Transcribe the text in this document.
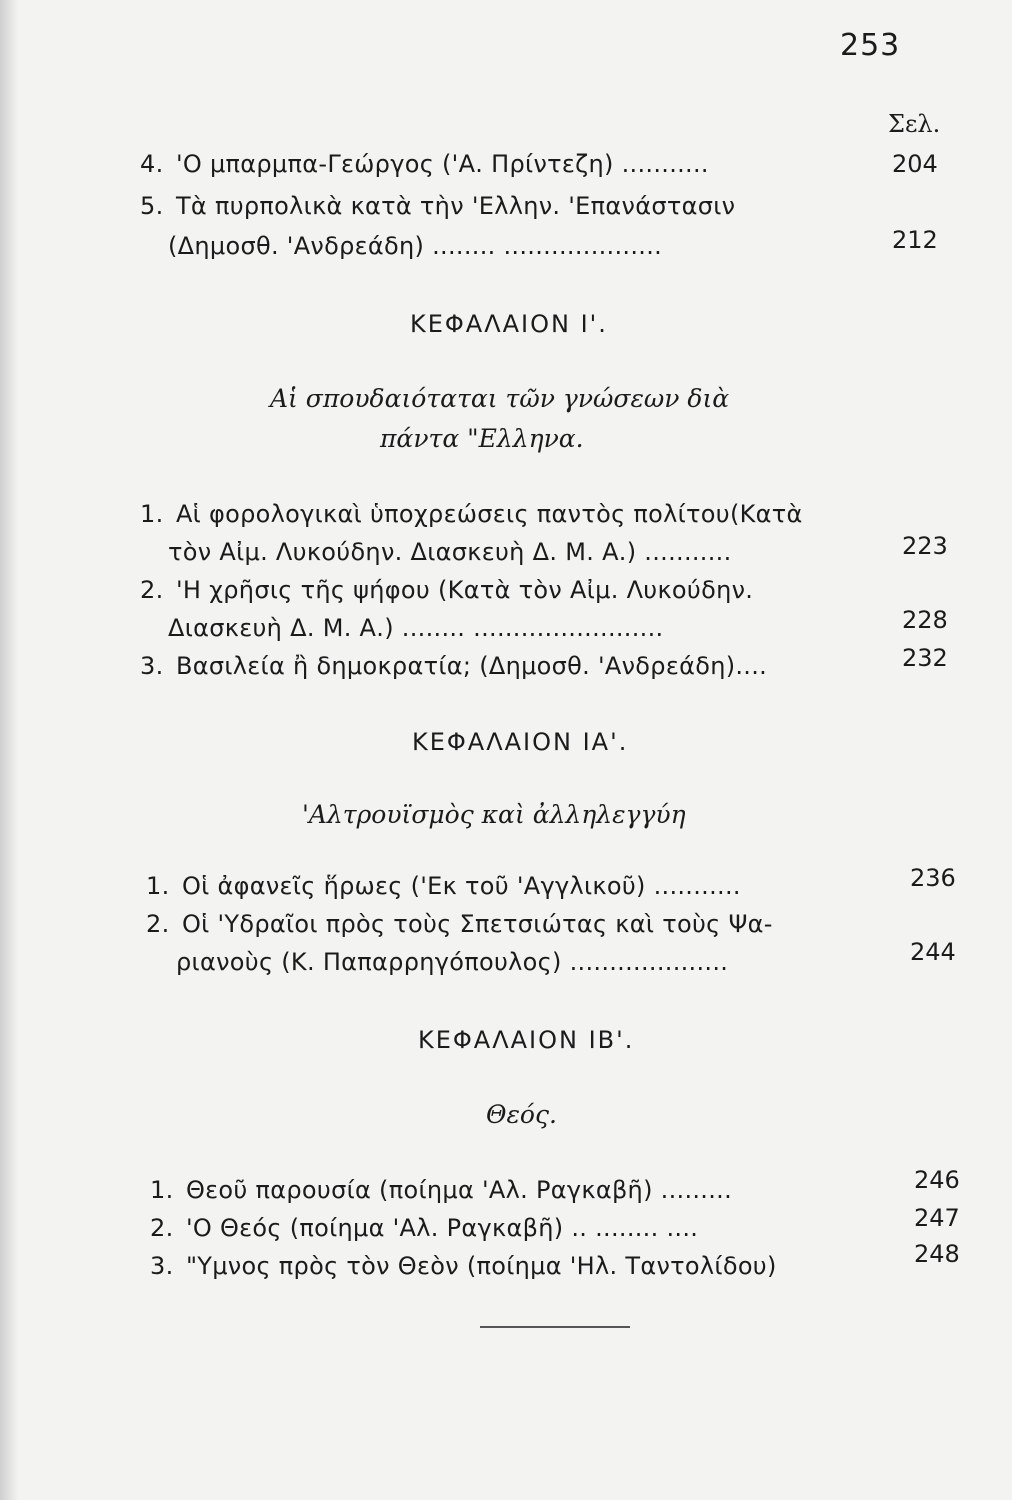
253
Σελ.
4. 'Ο μπαρμπα-Γεώργος ('Α. Πρίντεζη) ...........	204
5. Τὰ πυρπολικὰ κατὰ τὴν 'Ελλην. 'Επανάστασιν
(Δημοσθ. 'Ανδρεάδη) ........ ....................	212
ΚΕΦΑΛΑΙΟΝ Ι'.
Αἱ σπουδαιόταται τῶν γνώσεων διὰ
πάντα "Ελληνα.
1. Αἱ φορολογικαὶ ὑποχρεώσεις παντὸς πολίτου(Κατὰ
τὸν Αἰμ. Λυκούδην. Διασκευὴ Δ. Μ. Α.) ...........	223
2. 'Η χρῆσις τῆς ψήφου (Κατὰ τὸν Αἰμ. Λυκούδην.
Διασκευὴ Δ. Μ. Α.) ........ ........................	228
3. Βασιλεία ἢ δημοκρατία; (Δημοσθ. 'Ανδρεάδη)....	232
ΚΕΦΑΛΑΙΟΝ ΙΑ'.
'Αλτρουϊσμὸς καὶ ἀλληλεγγύη
1. Οἱ ἀφανεῖς ἥρωες ('Εκ τοῦ 'Αγγλικοῦ) ...........	236
2. Οἱ 'Υδραῖοι πρὸς τοὺς Σπετσιώτας καὶ τοὺς Ψα-
ριανοὺς (Κ. Παπαρρηγόπουλος) ....................	244
ΚΕΦΑΛΑΙΟΝ ΙΒ'.
Θεός.
1. Θεοῦ παρουσία (ποίημα 'Αλ. Ραγκαβῆ) .........	246
2. 'Ο Θεός (ποίημα 'Αλ. Ραγκαβῆ) .. ........ ....	247
3. "Υμνος πρὸς τὸν Θεὸν (ποίημα 'Ηλ. Ταντολίδου)	248
